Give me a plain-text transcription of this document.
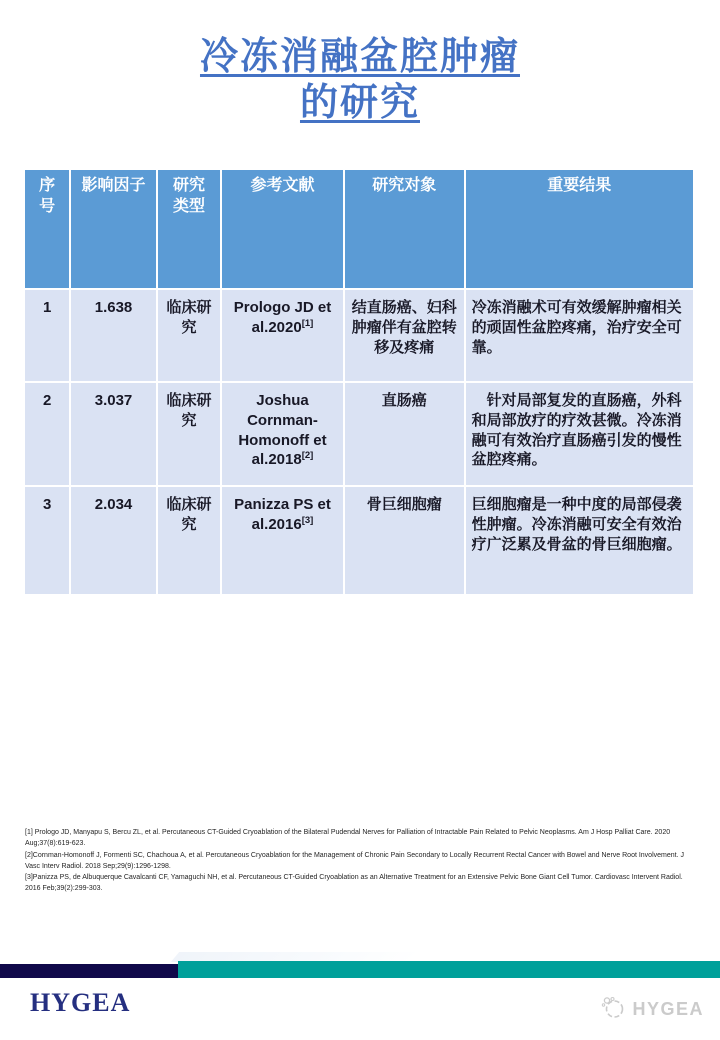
冷冻消融盆腔肿瘤
的研究
序号	影响因子	研究类型	参考文献	研究对象	重要结果
1	1.638	临床研究	Prologo JD et al.2020[1]	结直肠癌、妇科肿瘤伴有盆腔转移及疼痛	冷冻消融术可有效缓解肿瘤相关的顽固性盆腔疼痛，治疗安全可靠。
2	3.037	临床研究	Joshua Cornman-Homonoff et al.2018[2]	直肠癌	　针对局部复发的直肠癌，外科和局部放疗的疗效甚微。冷冻消融可有效治疗直肠癌引发的慢性盆腔疼痛。
3	2.034	临床研究	Panizza PS et al.2016[3]	骨巨细胞瘤	巨细胞瘤是一种中度的局部侵袭性肿瘤。冷冻消融可安全有效治疗广泛累及骨盆的骨巨细胞瘤。
[1] Prologo JD, Manyapu S, Bercu ZL, et al. Percutaneous CT-Guided Cryoablation of the Bilateral Pudendal Nerves for Palliation of Intractable Pain Related to Pelvic Neoplasms. Am J Hosp Palliat Care. 2020 Aug;37(8):619-623.
[2]Cornman-Homonoff J, Formenti SC, Chachoua A, et al. Percutaneous Cryoablation for the Management of Chronic Pain Secondary to Locally Recurrent Rectal Cancer with Bowel and Nerve Root Involvement. J Vasc Interv Radiol. 2018 Sep;29(9):1296-1298.
[3]Panizza PS, de Albuquerque Cavalcanti CF, Yamaguchi NH, et al. Percutaneous CT-Guided Cryoablation as an Alternative Treatment for an Extensive Pelvic Bone Giant Cell Tumor. Cardiovasc Intervent Radiol. 2016 Feb;39(2):299-303.
HYGEA	HYGEA
